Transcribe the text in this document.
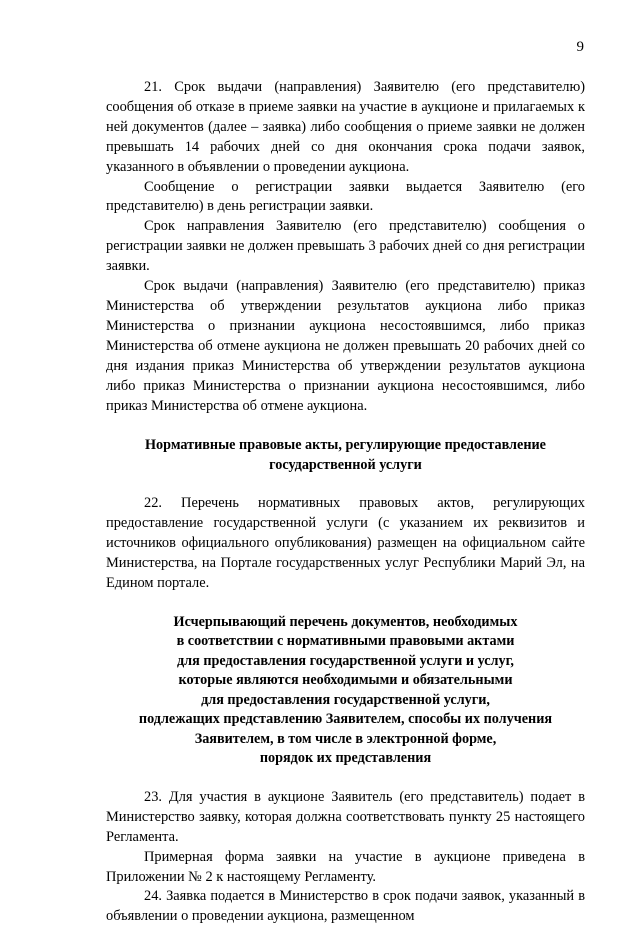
9

21. Срок выдачи (направления) Заявителю (его представителю) сообщения об отказе в приеме заявки на участие в аукционе и прилагаемых к ней документов (далее – заявка) либо сообщения о приеме заявки не должен превышать 14 рабочих дней со дня окончания срока подачи заявок, указанного в объявлении о проведении аукциона.

Сообщение о регистрации заявки выдается Заявителю (его представителю) в день регистрации заявки.

Срок направления Заявителю (его представителю) сообщения о регистрации заявки не должен превышать 3 рабочих дней со дня регистрации заявки.

Срок выдачи (направления) Заявителю (его представителю) приказ Министерства об утверждении результатов аукциона либо приказ Министерства о признании аукциона несостоявшимся, либо приказ Министерства об отмене аукциона не должен превышать 20 рабочих дней со дня издания приказ Министерства об утверждении результатов аукциона либо приказ Министерства о признании аукциона несостоявшимся, либо приказ Министерства об отмене аукциона.

Нормативные правовые акты, регулирующие предоставление

государственной услуги

22. Перечень нормативных правовых актов, регулирующих предоставление государственной услуги (с указанием их реквизитов и источников официального опубликования) размещен на официальном сайте Министерства, на Портале государственных услуг Республики Марий Эл, на Едином портале.

Исчерпывающий перечень документов, необходимых

в соответствии с нормативными правовыми актами

для предоставления государственной услуги и услуг,

которые являются необходимыми и обязательными

для предоставления государственной услуги,

подлежащих представлению Заявителем, способы их получения

Заявителем, в том числе в электронной форме,

порядок их представления

23. Для участия в аукционе Заявитель (его представитель) подает в Министерство заявку, которая должна соответствовать пункту 25 настоящего Регламента.

Примерная форма заявки на участие в аукционе приведена в Приложении № 2 к настоящему Регламенту.

24. Заявка подается в Министерство в срок подачи заявок, указанный в объявлении о проведении аукциона, размещенном
